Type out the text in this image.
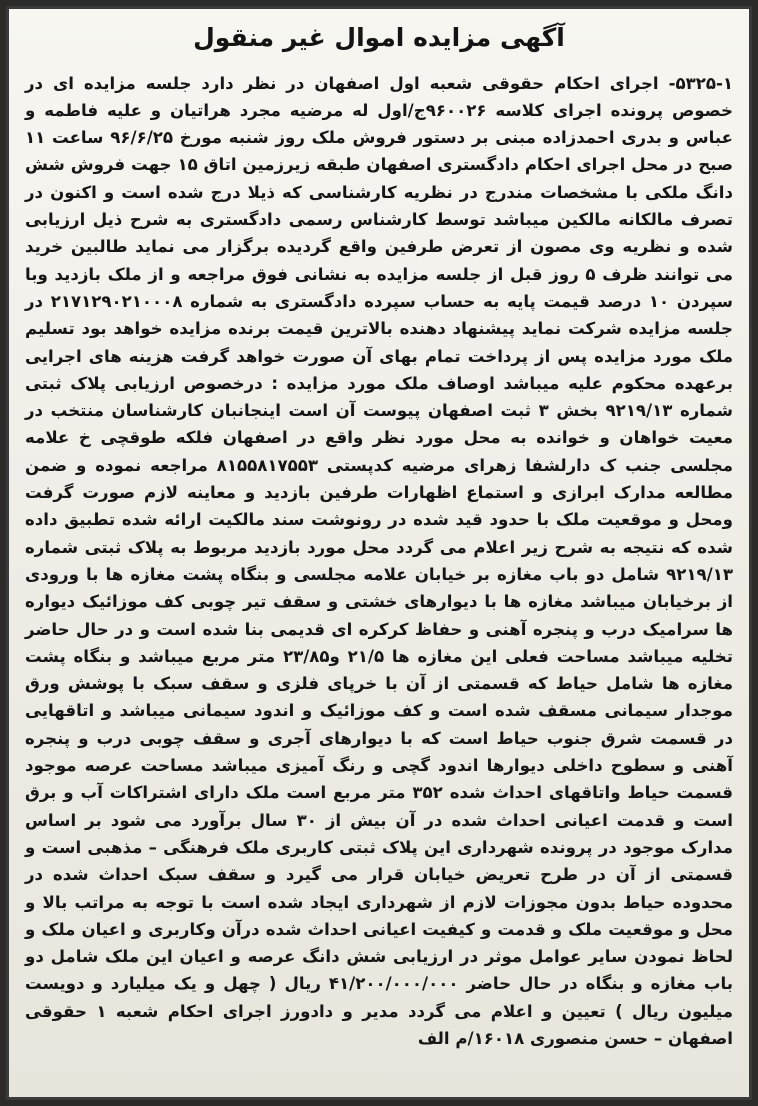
آگهی مزایده اموال غیر منقول

۵۳۲۵-۱- اجرای احکام حقوقی شعبه اول اصفهان در نظر دارد جلسه مزایده ای در خصوص پرونده اجرای کلاسه ۹۶۰۰۲۶ج/اول له مرضیه مجرد هراتیان و علیه فاطمه و عباس و بدری احمدزاده مبنی بر دستور فروش ملک روز شنبه مورخ ۹۶/۶/۲۵ ساعت ۱۱ صبح در محل اجرای احکام دادگستری اصفهان طبقه زیرزمین اتاق ۱۵ جهت فروش شش دانگ ملکی با مشخصات مندرج در نظریه کارشناسی که ذیلا درج شده است و اکنون در تصرف مالکانه مالکین میباشد توسط کارشناس رسمی دادگستری به شرح ذیل ارزیابی شده و نظریه وی مصون از تعرض طرفین واقع گردیده برگزار می نماید طالبین خرید می توانند ظرف ۵ روز قبل از جلسه مزایده به نشانی فوق مراجعه و از ملک بازدید وبا سپردن ۱۰ درصد قیمت پایه به حساب سپرده دادگستری به شماره ۲۱۷۱۲۹۰۲۱۰۰۰۸ در جلسه مزایده شرکت نماید پیشنهاد دهنده بالاترین قیمت برنده مزایده خواهد بود تسلیم ملک مورد مزایده پس از پرداخت تمام بهای آن صورت خواهد گرفت هزینه های اجرایی برعهده محکوم علیه میباشد اوصاف ملک مورد مزایده : درخصوص ارزیابی پلاک ثبتی شماره ۹۲۱۹/۱۳ بخش ۳ ثبت اصفهان پیوست آن است اینجانبان کارشناسان منتخب در معیت خواهان و خوانده به محل مورد نظر واقع در اصفهان فلکه طوقچی خ علامه مجلسی جنب ک دارلشفا زهرای مرضیه کدپستی ۸۱۵۵۸۱۷۵۵۳ مراجعه نموده و ضمن مطالعه مدارک ابرازی و استماع اظهارات طرفین بازدید و معاینه لازم صورت گرفت ومحل و موقعیت ملک با حدود قید شده در رونوشت سند مالکیت ارائه شده تطبیق داده شده که نتیجه به شرح زیر اعلام می گردد محل مورد بازدید مربوط به پلاک ثبتی شماره ۹۲۱۹/۱۳ شامل دو باب مغازه بر خیابان علامه مجلسی و بنگاه پشت مغازه ها با ورودی از برخیابان میباشد مغازه ها با دیوارهای خشتی و سقف تیر چوبی کف موزائیک دیواره ها سرامیک درب و پنجره آهنی و حفاظ کرکره ای قدیمی بنا شده است و در حال حاضر تخلیه میباشد مساحت فعلی این مغازه ها ۲۱/۵ و۲۳/۸۵ متر مربع میباشد و بنگاه پشت مغازه ها شامل حیاط که قسمتی از آن با خرپای فلزی و سقف سبک با پوشش ورق موجدار سیمانی مسقف شده است و کف موزائیک و اندود سیمانی میباشد و اتاقهایی در قسمت شرق جنوب حیاط است که با دیوارهای آجری و سقف چوبی درب و پنجره آهنی و سطوح داخلی دیوارها اندود گچی و رنگ آمیزی میباشد مساحت عرصه موجود قسمت حیاط واتاقهای احداث شده ۳۵۲ متر مربع است ملک دارای اشتراکات آب و برق است و قدمت اعیانی احداث شده در آن بیش از ۳۰ سال برآورد می شود بر اساس مدارک موجود در پرونده شهرداری این پلاک ثبتی کاربری ملک فرهنگی – مذهبی است و قسمتی از آن در طرح تعریض خیابان قرار می گیرد و سقف سبک احداث شده در محدوده حیاط بدون مجوزات لازم از شهرداری ایجاد شده است با توجه به مراتب بالا و محل و موقعیت ملک و قدمت و کیفیت اعیانی احداث شده درآن وکاربری و اعیان ملک و لحاظ نمودن سایر عوامل موثر در ارزیابی شش دانگ عرصه و اعیان این ملک شامل دو باب مغازه و بنگاه در حال حاضر ۴۱/۲۰۰/۰۰۰/۰۰۰ ریال ( چهل و یک میلیارد و دویست میلیون ریال ) تعیین و اعلام می گردد مدیر و دادورز اجرای احکام شعبه ۱ حقوقی اصفهان – حسن منصوری ۱۶۰۱۸/م الف
